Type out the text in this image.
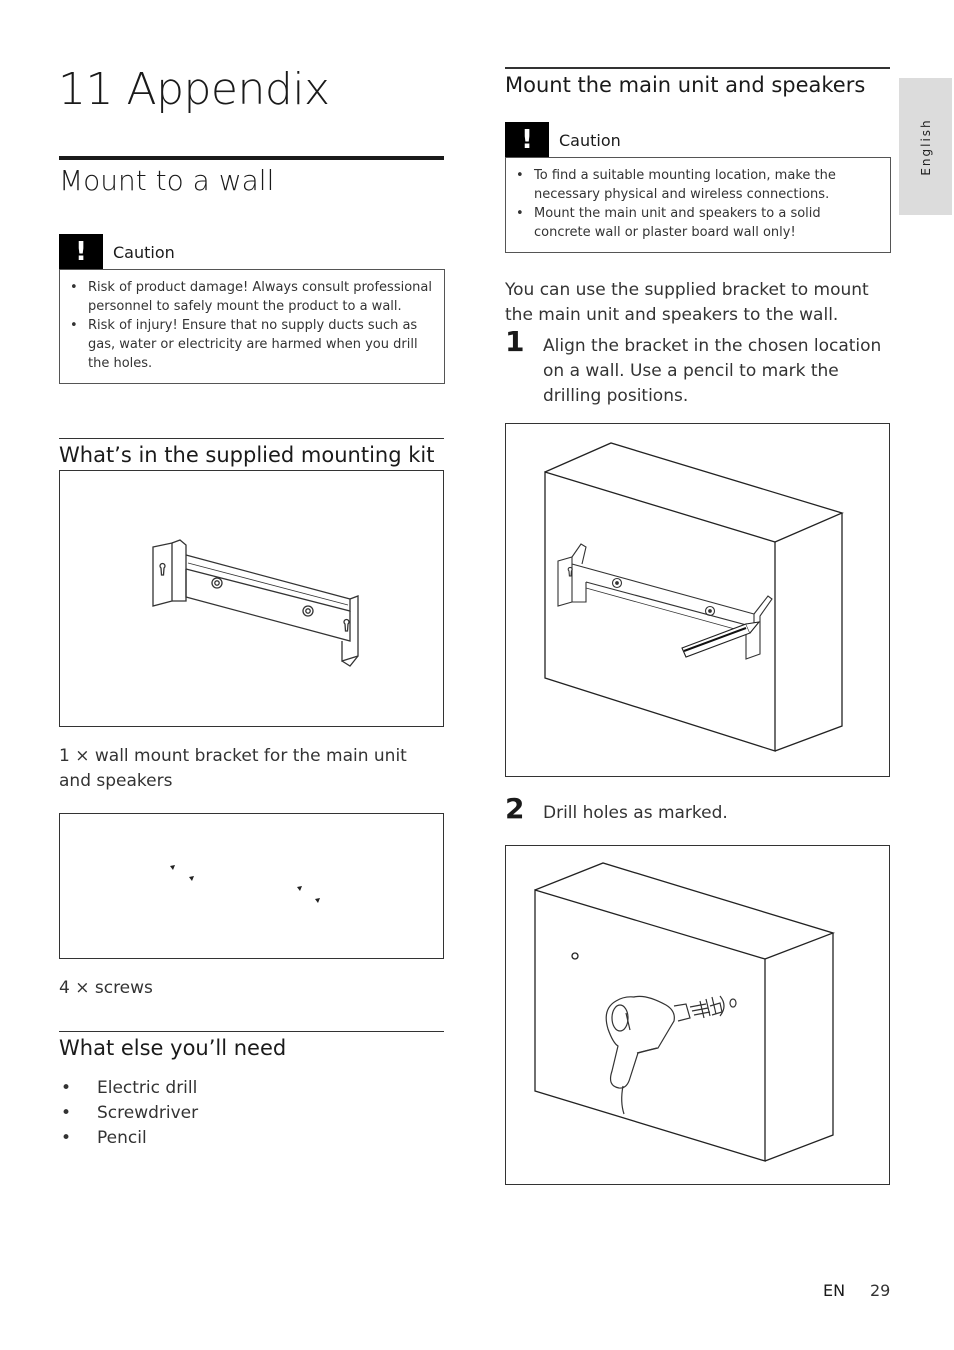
11 Appendix
English
Mount to a wall
!	Caution
• Risk of product damage! Always consult professional personnel to safely mount the product to a wall.
• Risk of injury! Ensure that no supply ducts such as gas, water or electricity are harmed when you drill the holes.
What’s in the supplied mounting kit
1 × wall mount bracket for the main unit and speakers
4 × screws
What else you’ll need
• Electric drill
• Screwdriver
• Pencil
Mount the main unit and speakers
!	Caution
• To find a suitable mounting location, make the necessary physical and wireless connections.
• Mount the main unit and speakers to a solid concrete wall or plaster board wall only!
You can use the supplied bracket to mount the main unit and speakers to the wall.
1 Align the bracket in the chosen location on a wall. Use a pencil to mark the drilling positions.
2 Drill holes as marked.
EN 29
